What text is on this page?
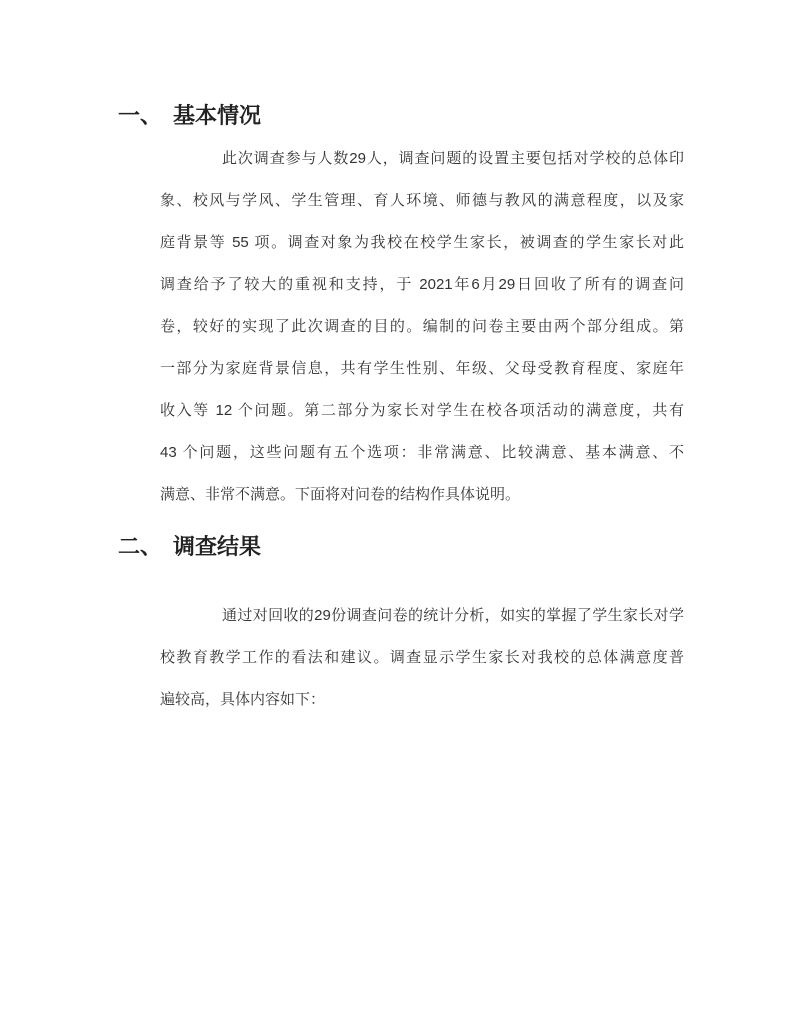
一、 基本情况
此次调查参与人数29人，调查问题的设置主要包括对学校的总体印
象、校风与学风、学生管理、育人环境、师德与教风的满意程度，以及家
庭背景等 55 项。调查对象为我校在校学生家长，被调查的学生家长对此
调查给予了较大的重视和支持，于 2021年6月29日回收了所有的调查问
卷，较好的实现了此次调查的目的。编制的问卷主要由两个部分组成。第
一部分为家庭背景信息，共有学生性别、年级、父母受教育程度、家庭年
收入等 12 个问题。第二部分为家长对学生在校各项活动的满意度，共有
43 个问题，这些问题有五个选项：非常满意、比较满意、基本满意、不
满意、非常不满意。下面将对问卷的结构作具体说明。
二、 调查结果
通过对回收的29份调查问卷的统计分析，如实的掌握了学生家长对学
校教育教学工作的看法和建议。调查显示学生家长对我校的总体满意度普
遍较高，具体内容如下：
